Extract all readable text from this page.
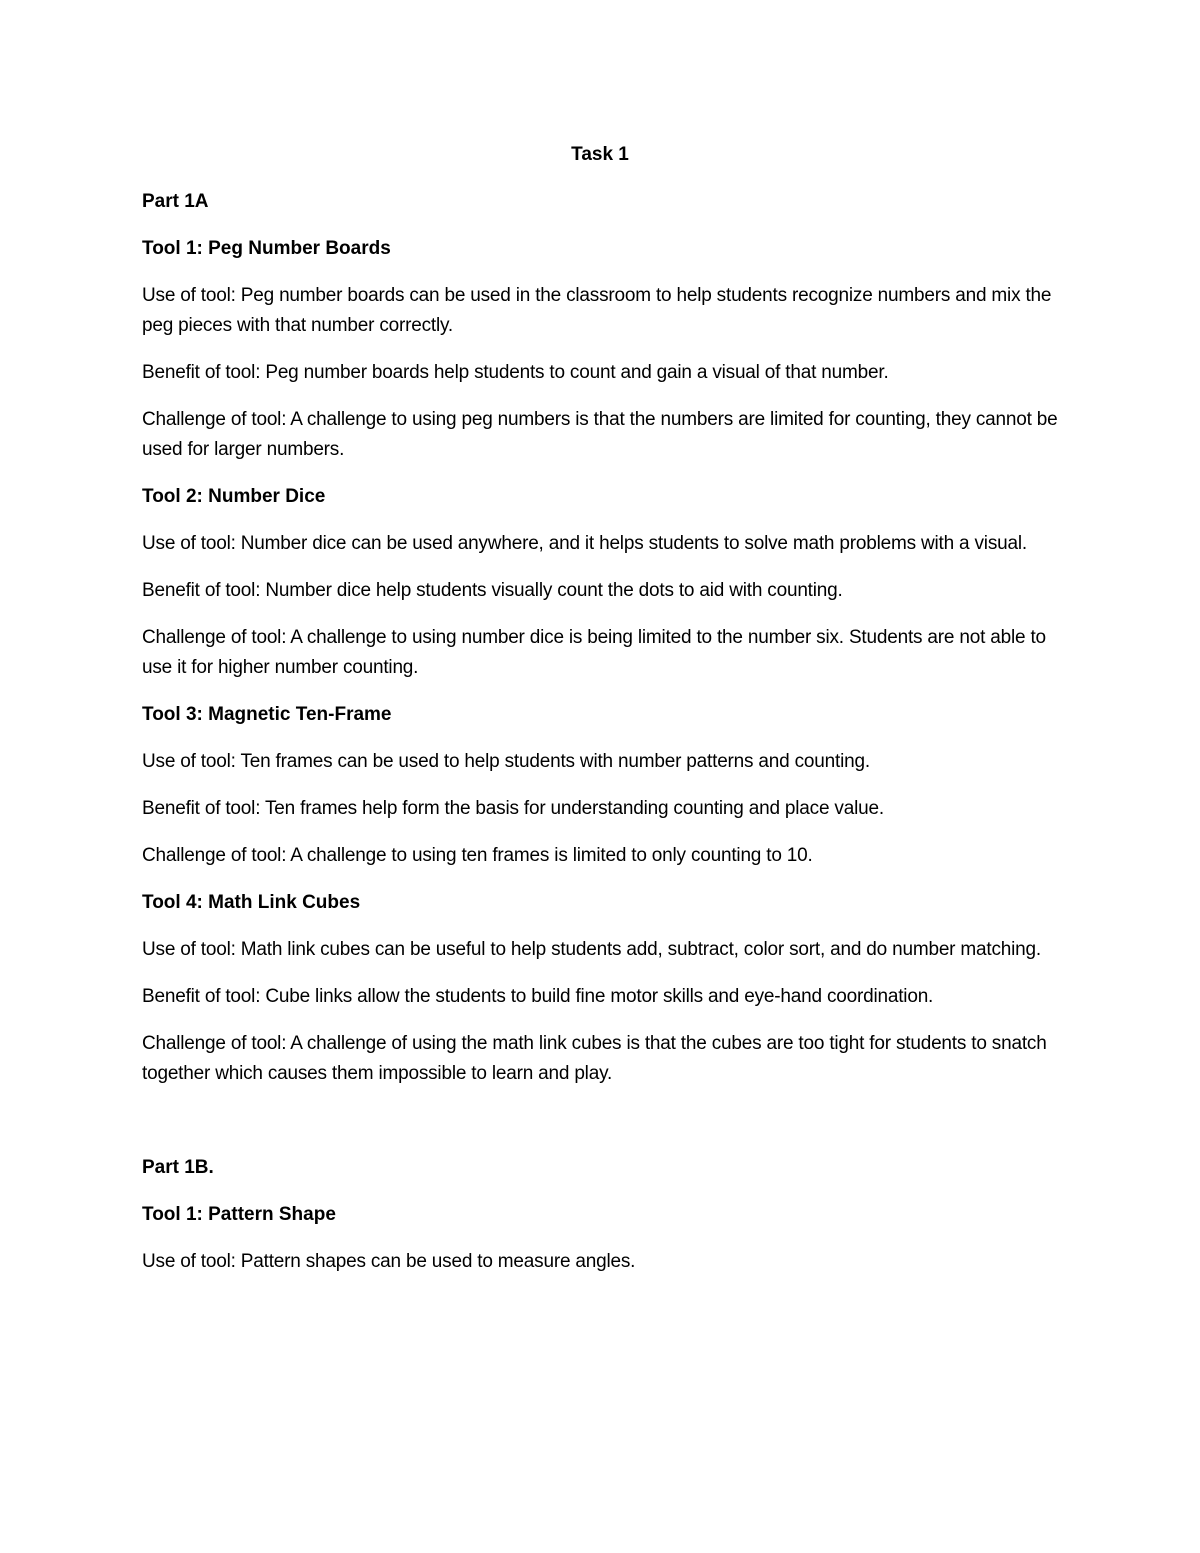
Task 1
Part 1A
Tool 1: Peg Number Boards
Use of tool: Peg number boards can be used in the classroom to help students recognize numbers and mix the peg pieces with that number correctly.
Benefit of tool: Peg number boards help students to count and gain a visual of that number.
Challenge of tool: A challenge to using peg numbers is that the numbers are limited for counting, they cannot be used for larger numbers.
Tool 2: Number Dice
Use of tool: Number dice can be used anywhere, and it helps students to solve math problems with a visual.
Benefit of tool: Number dice help students visually count the dots to aid with counting.
Challenge of tool: A challenge to using number dice is being limited to the number six. Students are not able to use it for higher number counting.
Tool 3: Magnetic Ten-Frame
Use of tool: Ten frames can be used to help students with number patterns and counting.
Benefit of tool: Ten frames help form the basis for understanding counting and place value.
Challenge of tool: A challenge to using ten frames is limited to only counting to 10.
Tool 4: Math Link Cubes
Use of tool: Math link cubes can be useful to help students add, subtract, color sort, and do number matching.
Benefit of tool: Cube links allow the students to build fine motor skills and eye-hand coordination.
Challenge of tool: A challenge of using the math link cubes is that the cubes are too tight for students to snatch together which causes them impossible to learn and play.
Part 1B.
Tool 1: Pattern Shape
Use of tool: Pattern shapes can be used to measure angles.
